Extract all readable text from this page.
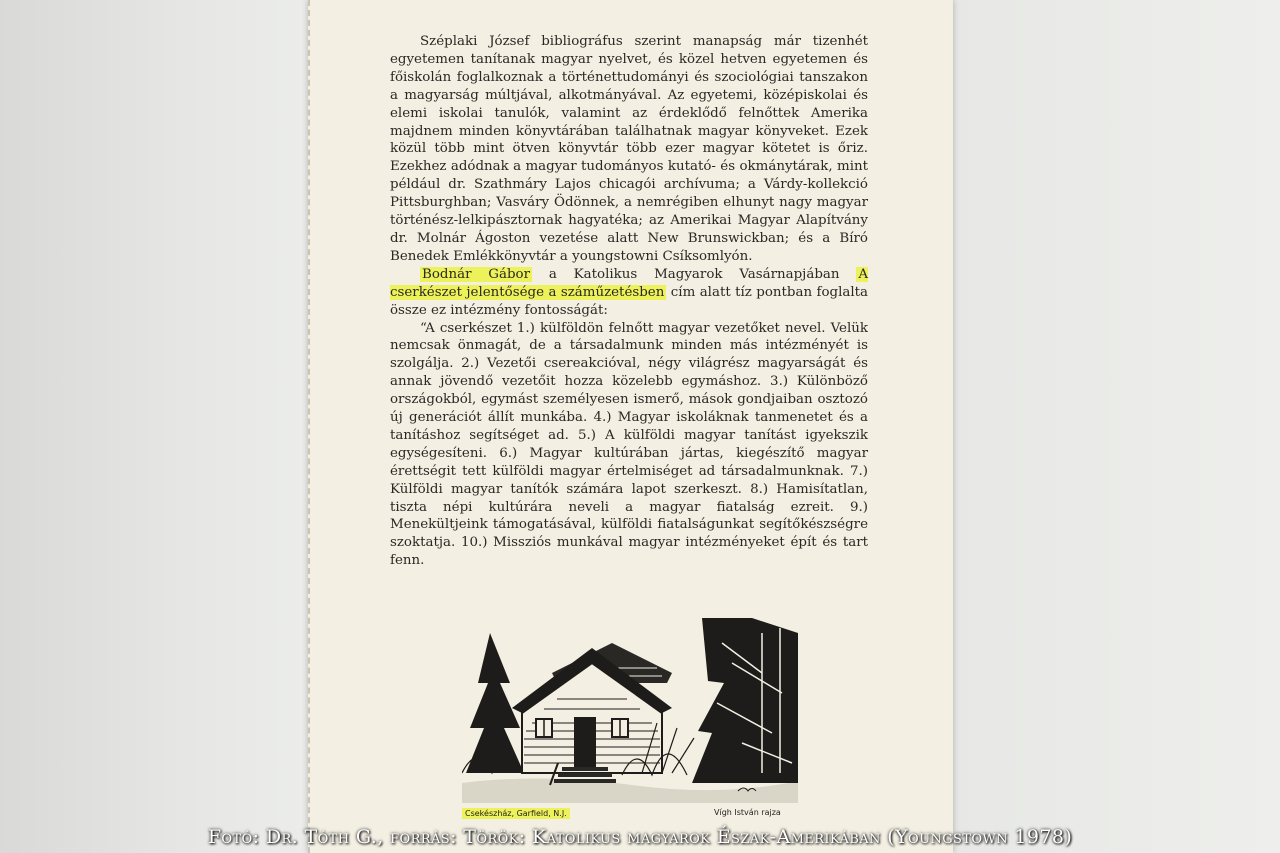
Széplaki József bibliográfus szerint manapság már tizenhét egyetemen tanítanak magyar nyelvet, és közel hetven egyetemen és főiskolán foglalkoznak a történettudományi és szociológiai tanszakon a magyarság múltjával, alkotmányával. Az egyetemi, középiskolai és elemi iskolai tanulók, valamint az érdeklődő felnőttek Amerika majdnem minden könyvtárában találhatnak magyar könyveket. Ezek közül több mint ötven könyvtár több ezer magyar kötetet is őriz. Ezekhez adódnak a magyar tudományos kutató- és okmánytárak, mint például dr. Szathmáry Lajos chicagói archívuma; a Várdy-kollekció Pittsburghban; Vasváry Ödönnek, a nemrégiben elhunyt nagy magyar történész-lelkipásztornak hagyatéka; az Amerikai Magyar Alapítvány dr. Molnár Ágoston vezetése alatt New Brunswickban; és a Bíró Benedek Emlékkönyvtár a youngstowni Csíksomlyón.

Bodnár Gábor a Katolikus Magyarok Vasárnapjában A cserkészet jelentősége a száműzetésben cím alatt tíz pontban foglalta össze ez intézmény fontosságát:

“A cserkészet 1.) külföldön felnőtt magyar vezetőket nevel. Velük nemcsak önmagát, de a társadalmunk minden más intézményét is szolgálja. 2.) Vezetői csereakcióval, négy világrész magyarságát és annak jövendő vezetőit hozza közelebb egymáshoz. 3.) Különböző országokból, egymást személyesen ismerő, mások gondjaiban osztozó új generációt állít munkába. 4.) Magyar iskoláknak tanmenetet és a tanításhoz segítséget ad. 5.) A külföldi magyar tanítást igyekszik egységesíteni. 6.) Magyar kultúrában jártas, kiegészítő magyar érettségit tett külföldi magyar értelmiséget ad társadalmunknak. 7.) Külföldi magyar tanítók számára lapot szerkeszt. 8.) Hamisítatlan, tiszta népi kultúrára neveli a magyar fiatalság ezreit. 9.) Menekültjeink támogatásával, külföldi fiatalságunkat segítőkészségre szoktatja. 10.) Missziós munkával magyar intézményeket épít és tart fenn.

Csekészház, Garfield, N.J.	Vígh István rajza
Fotó: Dr. Tóth G., forrás: Török: Katolikus magyarok Észak-Amerikában (Youngstown 1978)
